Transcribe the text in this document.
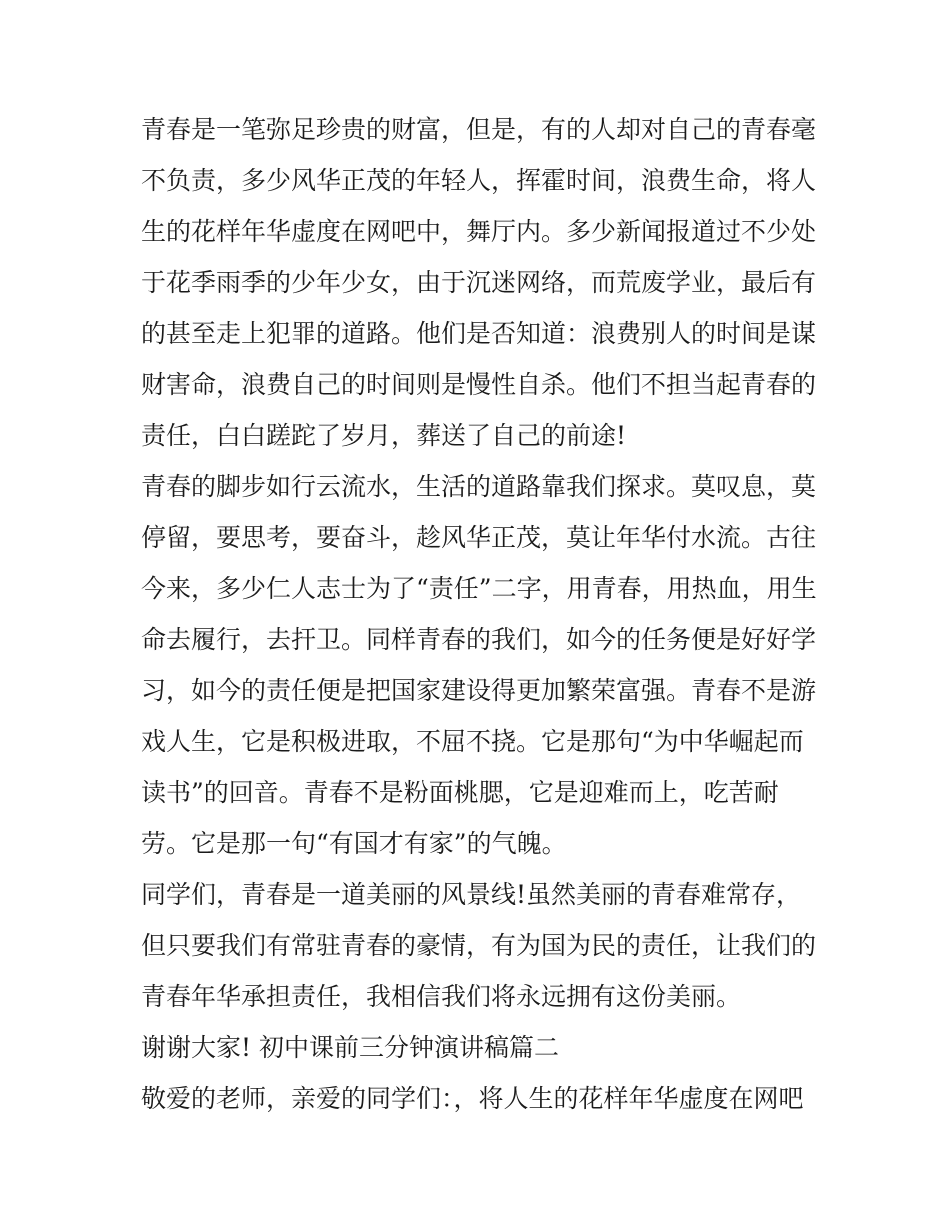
青春是一笔弥足珍贵的财富，但是，有的人却对自己的青春毫
不负责，多少风华正茂的年轻人，挥霍时间，浪费生命，将人
生的花样年华虚度在网吧中，舞厅内。多少新闻报道过不少处
于花季雨季的少年少女，由于沉迷网络，而荒废学业，最后有
的甚至走上犯罪的道路。他们是否知道：浪费别人的时间是谋
财害命，浪费自己的时间则是慢性自杀。他们不担当起青春的
责任，白白蹉跎了岁月，葬送了自己的前途!
青春的脚步如行云流水，生活的道路靠我们探求。莫叹息，莫
停留，要思考，要奋斗，趁风华正茂，莫让年华付水流。古往
今来，多少仁人志士为了“责任”二字，用青春，用热血，用生
命去履行，去扞卫。同样青春的我们，如今的任务便是好好学
习，如今的责任便是把国家建设得更加繁荣富强。青春不是游
戏人生，它是积极进取，不屈不挠。它是那句“为中华崛起而
读书”的回音。青春不是粉面桃腮，它是迎难而上，吃苦耐
劳。它是那一句“有国才有家”的气魄。
同学们，青春是一道美丽的风景线!虽然美丽的青春难常存，
但只要我们有常驻青春的豪情，有为国为民的责任，让我们的
青春年华承担责任，我相信我们将永远拥有这份美丽。
谢谢大家! 初中课前三分钟演讲稿篇二
敬爱的老师，亲爱的同学们：，将人生的花样年华虚度在网吧
